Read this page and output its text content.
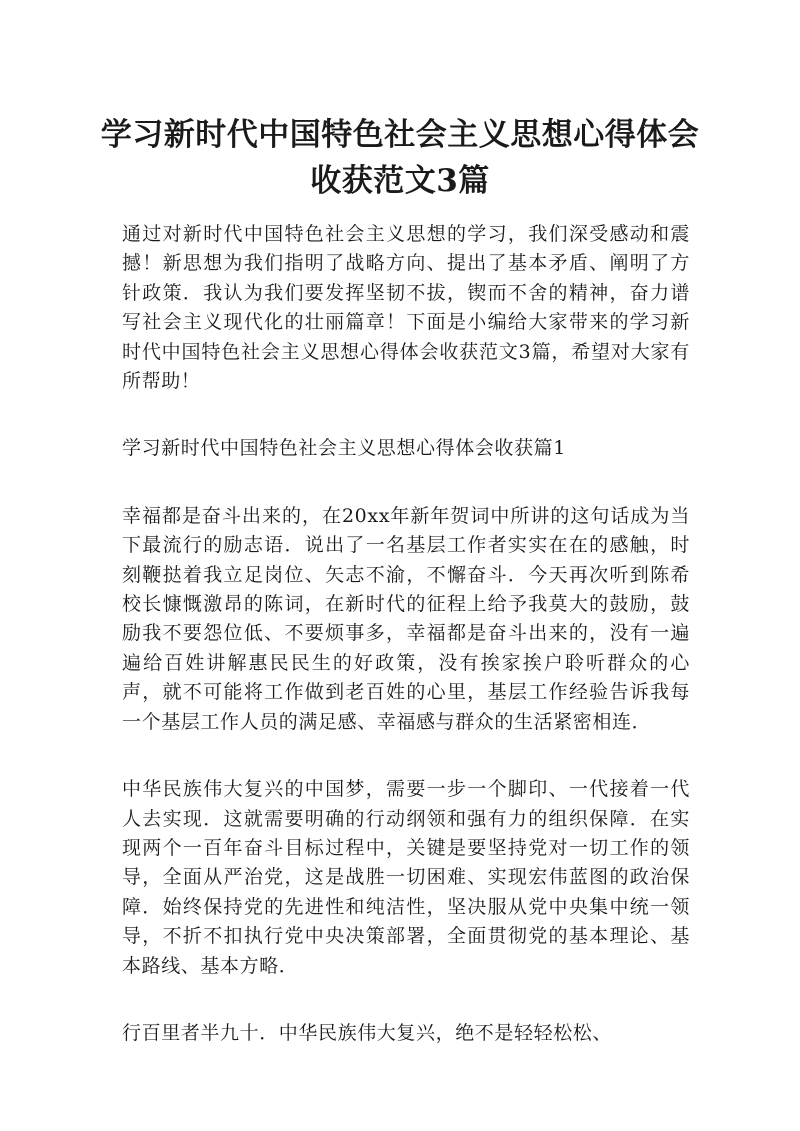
学习新时代中国特色社会主义思想心得体会收获范文3篇

通过对新时代中国特色社会主义思想的学习，我们深受感动和震撼！新思想为我们指明了战略方向、提出了基本矛盾、阐明了方针政策．我认为我们要发挥坚韧不拔，锲而不舍的精神，奋力谱写社会主义现代化的壮丽篇章！下面是小编给大家带来的学习新时代中国特色社会主义思想心得体会收获范文3篇，希望对大家有所帮助！

学习新时代中国特色社会主义思想心得体会收获篇1

幸福都是奋斗出来的，在20xx年新年贺词中所讲的这句话成为当下最流行的励志语．说出了一名基层工作者实实在在的感触，时刻鞭挞着我立足岗位、矢志不渝，不懈奋斗．今天再次听到陈希校长慷慨激昂的陈词，在新时代的征程上给予我莫大的鼓励，鼓励我不要怨位低、不要烦事多，幸福都是奋斗出来的，没有一遍遍给百姓讲解惠民民生的好政策，没有挨家挨户聆听群众的心声，就不可能将工作做到老百姓的心里，基层工作经验告诉我每一个基层工作人员的满足感、幸福感与群众的生活紧密相连．

中华民族伟大复兴的中国梦，需要一步一个脚印、一代接着一代人去实现．这就需要明确的行动纲领和强有力的组织保障．在实现两个一百年奋斗目标过程中，关键是要坚持党对一切工作的领导，全面从严治党，这是战胜一切困难、实现宏伟蓝图的政治保障．始终保持党的先进性和纯洁性，坚决服从党中央集中统一领导，不折不扣执行党中央决策部署，全面贯彻党的基本理论、基本路线、基本方略．

行百里者半九十．中华民族伟大复兴，绝不是轻轻松松、
